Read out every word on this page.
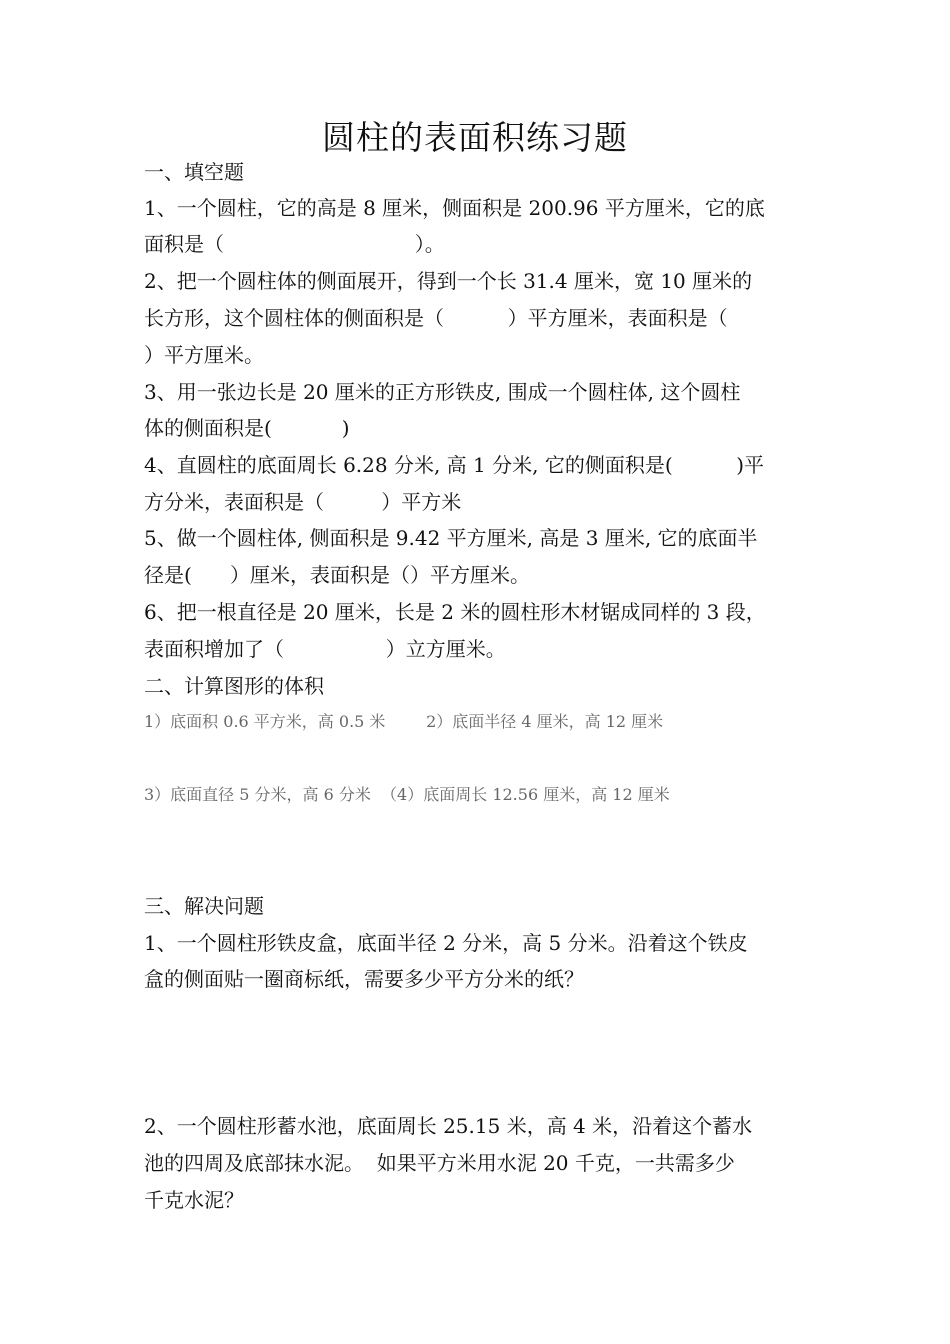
圆柱的表面积练习题
一、填空题
1、一个圆柱，它的高是 8 厘米，侧面积是 200.96 平方厘米，它的底
面积是（                              ）。
2、把一个圆柱体的侧面展开，得到一个长 31.4 厘米，宽 10 厘米的
长方形，这个圆柱体的侧面积是（          ）平方厘米，表面积是（
）平方厘米。
3、用一张边长是 20 厘米的正方形铁皮, 围成一个圆柱体, 这个圆柱
体的侧面积是(           )
4、直圆柱的底面周长 6.28 分米, 高 1 分米, 它的侧面积是(          )平
方分米，表面积是（         ）平方米
5、做一个圆柱体, 侧面积是 9.42 平方厘米, 高是 3 厘米, 它的底面半
径是(      ）厘米，表面积是（）平方厘米。
6、把一根直径是 20 厘米，长是 2 米的圆柱形木材锯成同样的 3 段，
表面积增加了（                ）立方厘米。
二、计算图形的体积
1）底面积 0.6 平方米，高 0.5 米        2）底面半径 4 厘米，高 12 厘米
3）底面直径 5 分米，高 6 分米  （4）底面周长 12.56 厘米，高 12 厘米
三、解决问题
1、一个圆柱形铁皮盒，底面半径 2 分米，高 5 分米。沿着这个铁皮
盒的侧面贴一圈商标纸，需要多少平方分米的纸？
2、一个圆柱形蓄水池，底面周长 25.15 米，高 4 米，沿着这个蓄水
池的四周及底部抹水泥。  如果平方米用水泥 20 千克，一共需多少
千克水泥？
